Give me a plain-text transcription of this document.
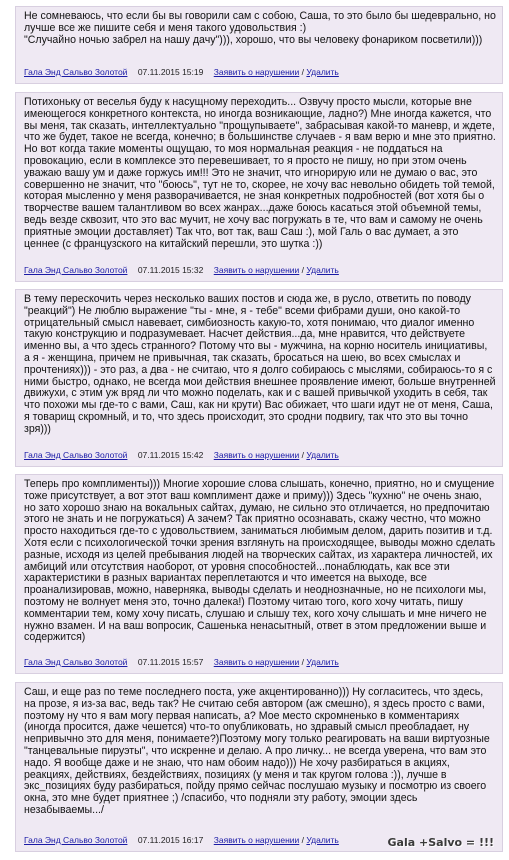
Не сомневаюсь, что если бы вы говорили сам с собою, Саша, то это было бы шедеврально, но лучше все же пишите себя и меня такого удовольствия :)
"Случайно ночью забрел на нашу дачу"))), хорошо, что вы человеку фонариком посветили)))
Гала Энд Сальво Золотой 07.11.2015 15:19 Заявить о нарушении / Удалить
Потихоньку от веселья буду к насущному переходить... Озвучу просто мысли, которые вне имеющегося конкретного контекста, но иногда возникающие, ладно?) Мне иногда кажется, что вы меня, так сказать, интеллектуально "прощупываете", забрасывая какой-то маневр, и ждете, что же будет, такое не всегда, конечно; в большинстве случаев - я вам верю и мне это приятно. Но вот когда такие моменты ощущаю, то моя нормальная реакция - не поддаться на провокацию, если в комплексе это перевешивает, то я просто не пишу, но при этом очень уважаю вашу ум и даже горжусь им!!! Это не значит, что игнорирую или не думаю о вас, это совершенно не значит, что "боюсь", тут не то, скорее, не хочу вас невольно обидеть той темой, которая мысленно у меня разворачивается, не зная конкретных подробностей (вот хотя бы о творчестве вашем талантливом во всех жанрах...даже боюсь касаться этой объемной темы, ведь везде сквозит, что это вас мучит, не хочу вас погружать в те, что вам и самому не очень приятные эмоции доставляет) Так что, вот так, ваш Саш :), мой Галь о вас думает, а это ценнее (с французского на китайский перешли, это шутка :))
Гала Энд Сальво Золотой 07.11.2015 15:32 Заявить о нарушении / Удалить
В тему перескочить через несколько ваших постов и сюда же, в русло, ответить по поводу "реакций") Не люблю выражение "ты - мне, я - тебе" всеми фибрами души, оно какой-то отрицательный смысл навевает, симбиозность какую-то, хотя понимаю, что диалог именно такую конструкцию и подразумевает. Насчет действия...да, мне нравится, что действуете именно вы, а что здесь странного? Потому что вы - мужчина, на корню носитель инициативы, а я - женщина, причем не привычная, так сказать, бросаться на шею, во всех смыслах и прочтениях))) - это раз, а два - не считаю, что я долго собираюсь с мыслями, собираюсь-то я с ними быстро, однако, не всегда мои действия внешнее проявление имеют, больше внутренней движухи, с этим уж вряд ли что можно поделать, как и с вашей привычкой уходить в себя, так что похожи мы где-то с вами, Саш, как ни крути) Вас обижает, что шаги идут не от меня, Саша, я товарищ скромный, и то, что здесь происходит, это сродни подвигу, так что это вы точно зря)))
Гала Энд Сальво Золотой 07.11.2015 15:42 Заявить о нарушении / Удалить
Теперь про комплименты))) Многие хорошие слова слышать, конечно, приятно, но и смущение тоже присутствует, а вот этот ваш комплимент даже и приму))) Здесь "кухню" не очень знаю, но зато хорошо знаю на вокальных сайтах, думаю, не сильно это отличается, но предпочитаю этого не знать и не погружаться) А зачем? Так приятно осознавать, скажу честно, что можно просто находиться где-то с удовольствием, заниматься любимым делом, дарить позитив и т.д. Хотя если с психологической точки зрения взглянуть на происходящее, выводы можно сделать разные, исходя из целей пребывания людей на творческих сайтах, из характера личностей, их амбиций или отсутствия наоборот, от уровня способностей...понаблюдать, как все эти характеристики в разных вариантах переплетаются и что имеется на выходе, все проанализировав, можно, наверняка, выводы сделать и неоднозначные, но не психологи мы, поэтому не волнует меня это, точно далека!) Поэтому читаю того, кого хочу читать, пишу комментарии тем, кому хочу писать, слушаю и слышу тех, кого хочу слышать и мне ничего не нужно взамен. И на ваш вопросик, Сашенька ненасытный, ответ в этом предложении выше и содержится)
Гала Энд Сальво Золотой 07.11.2015 15:57 Заявить о нарушении / Удалить
Саш, и еще раз по теме последнего поста, уже акцентированно))) Ну согласитесь, что здесь, на прозе, я из-за вас, ведь так? Не считаю себя автором (аж смешно), я здесь просто с вами, поэтому ну что я вам могу первая написать, а? Мое место скромненько в комментариях (иногда просится, даже чешется) что-то опубликовать, но здравый смысл преобладает, ну непривычно это для меня, понимаете?)Поэтому могу только реагировать на ваши виртуозные "танцевальные пируэты", что искренне и делаю. А про личку... не всегда уверена, что вам это надо. Я вообще даже и не знаю, что нам обоим надо))) Не хочу разбираться в акциях, реакциях, действиях, бездействиях, позициях (у меня и так кругом голова :)), лучше в экс_позициях буду разбираться, пойду прямо сейчас послушаю музыку и посмотрю из своего окна, это мне будет приятнее ;) /спасибо, что подняли эту работу, эмоции здесь незабываемы.../
Гала Энд Сальво Золотой 07.11.2015 16:17 Заявить о нарушении / Удалить	Gala +Salvo = !!!
